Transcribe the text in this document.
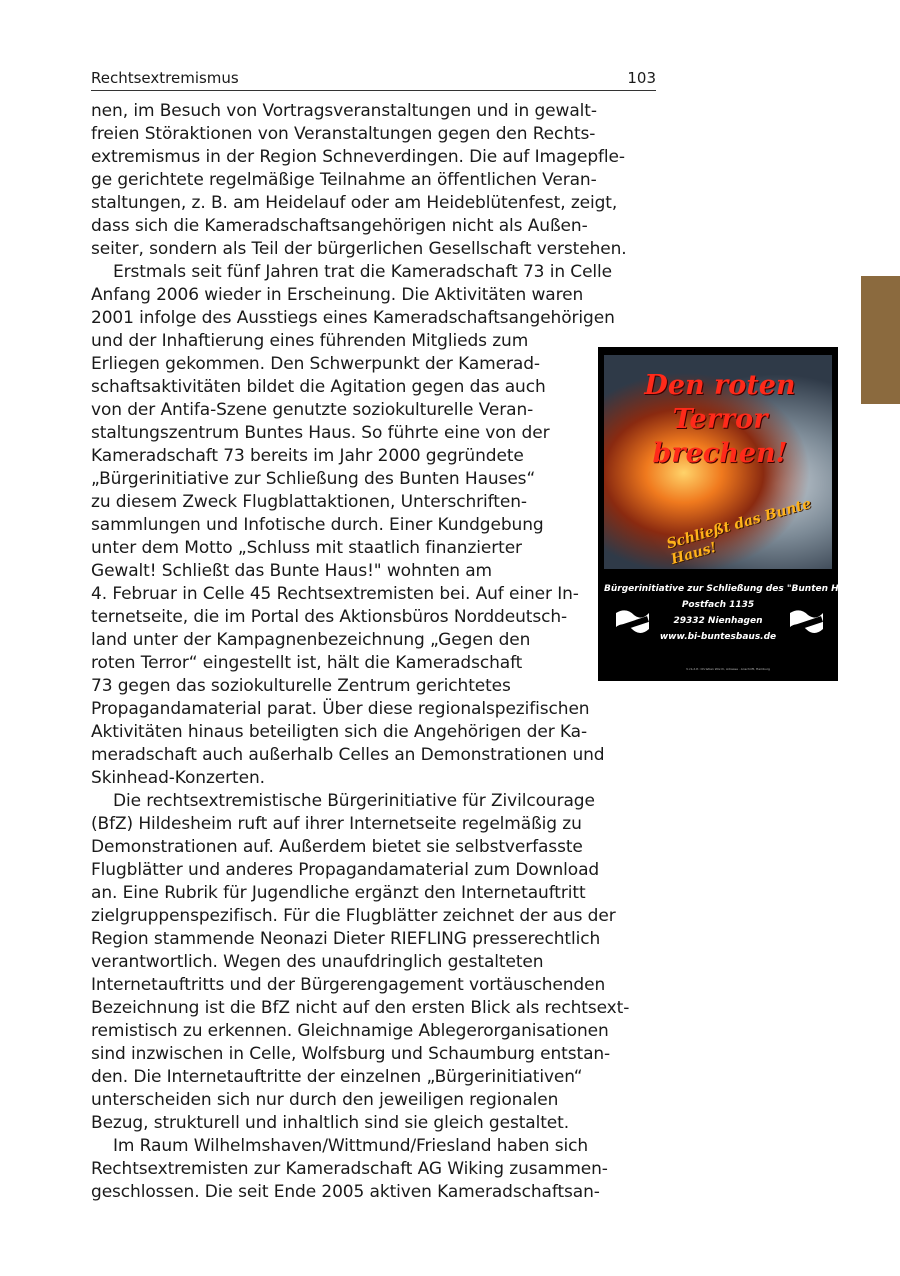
Rechtsextremismus	103
nen, im Besuch von Vortragsveranstaltungen und in gewalt-
freien Störaktionen von Veranstaltungen gegen den Rechts-
extremismus in der Region Schneverdingen. Die auf Imagepfle-
ge gerichtete regelmäßige Teilnahme an öffentlichen Veran-
staltungen, z. B. am Heidelauf oder am Heideblütenfest, zeigt,
dass sich die Kameradschaftsangehörigen nicht als Außen-
seiter, sondern als Teil der bürgerlichen Gesellschaft verstehen.
Erstmals seit fünf Jahren trat die Kameradschaft 73 in Celle
Anfang 2006 wieder in Erscheinung. Die Aktivitäten waren
2001 infolge des Ausstiegs eines Kameradschaftsangehörigen
und der Inhaftierung eines führenden Mitglieds zum
Erliegen gekommen. Den Schwerpunkt der Kamerad-
schaftsaktivitäten bildet die Agitation gegen das auch
von der Antifa-Szene genutzte soziokulturelle Veran-
staltungszentrum Buntes Haus. So führte eine von der
Kameradschaft 73 bereits im Jahr 2000 gegründete
„Bürgerinitiative zur Schließung des Bunten Hauses“
zu diesem Zweck Flugblattaktionen, Unterschriften-
sammlungen und Infotische durch. Einer Kundgebung
unter dem Motto „Schluss mit staatlich finanzierter
Gewalt! Schließt das Bunte Haus!" wohnten am
4. Februar in Celle 45 Rechtsextremisten bei. Auf einer In-
ternetseite, die im Portal des Aktionsbüros Norddeutsch-
land unter der Kampagnenbezeichnung „Gegen den
roten Terror“ eingestellt ist, hält die Kameradschaft
73 gegen das soziokulturelle Zentrum gerichtetes
Propagandamaterial parat. Über diese regionalspezifischen
Aktivitäten hinaus beteiligten sich die Angehörigen der Ka-
meradschaft auch außerhalb Celles an Demonstrationen und
Skinhead-Konzerten.
Die rechtsextremistische Bürgerinitiative für Zivilcourage
(BfZ) Hildesheim ruft auf ihrer Internetseite regelmäßig zu
Demonstrationen auf. Außerdem bietet sie selbstverfasste
Flugblätter und anderes Propagandamaterial zum Download
an. Eine Rubrik für Jugendliche ergänzt den Internetauftritt
zielgruppenspezifisch. Für die Flugblätter zeichnet der aus der
Region stammende Neonazi Dieter RIEFLING presserechtlich
verantwortlich. Wegen des unaufdringlich gestalteten
Internetauftritts und der Bürgerengagement vortäuschenden
Bezeichnung ist die BfZ nicht auf den ersten Blick als rechtsext-
remistisch zu erkennen. Gleichnamige Ablegerorganisationen
sind inzwischen in Celle, Wolfsburg und Schaumburg entstan-
den. Die Internetauftritte der einzelnen „Bürgerinitiativen“
unterscheiden sich nur durch den jeweiligen regionalen
Bezug, strukturell und inhaltlich sind sie gleich gestaltet.
Im Raum Wilhelmshaven/Wittmund/Friesland haben sich
Rechtsextremisten zur Kameradschaft AG Wiking zusammen-
geschlossen. Die seit Ende 2005 aktiven Kameradschaftsan-
Den roten Terror
brechen!
Schließt das Bunte Haus!
Bürgerinitiative zur Schließung des "Bunten Haus e.V."
Postfach 1135
29332 Nienhagen
www.bi-buntesbaus.de
V.i.S.d.P.: Christian Worch, Adresse · Anschrift, Hamburg
